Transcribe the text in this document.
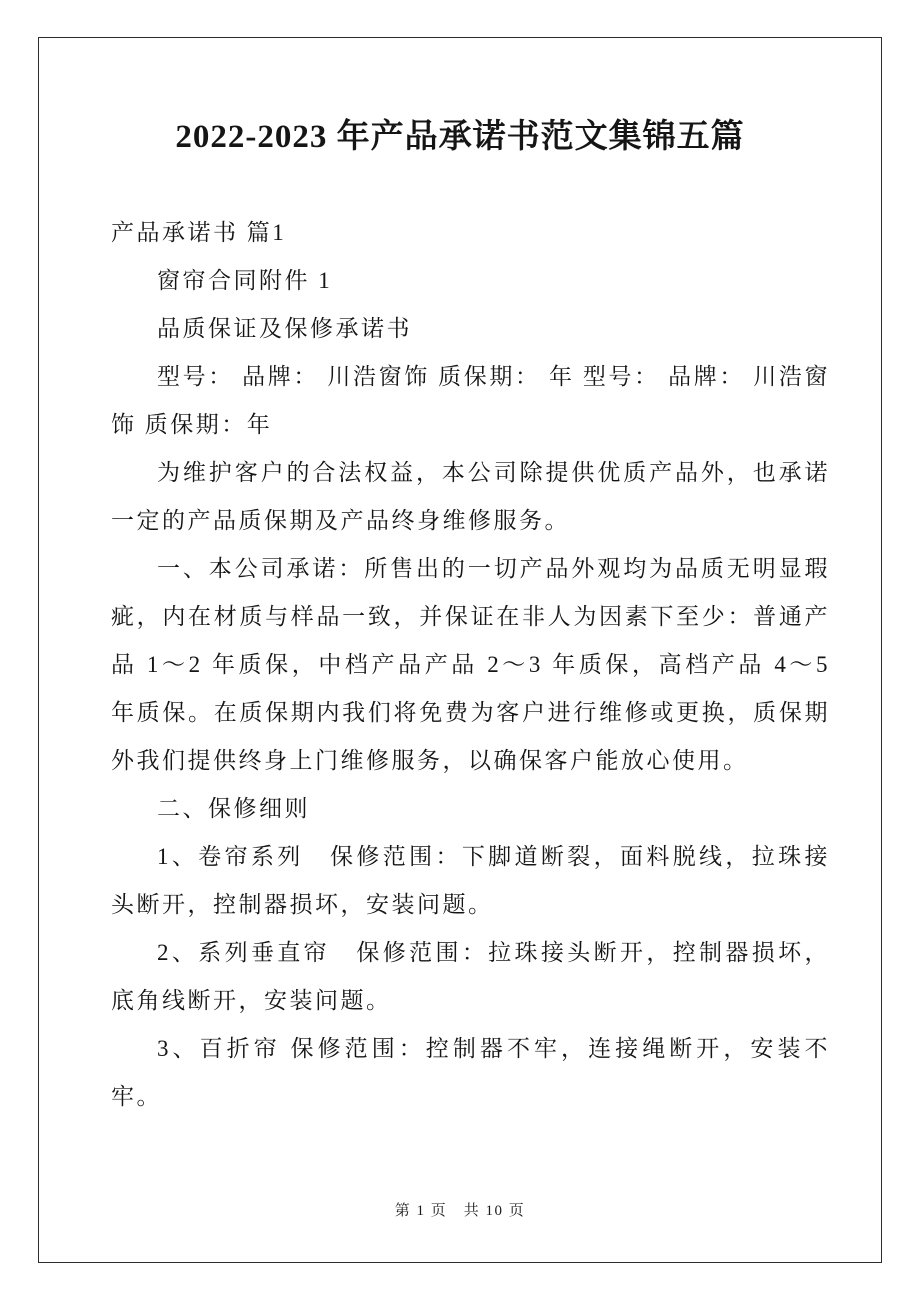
2022-2023 年产品承诺书范文集锦五篇

产品承诺书 篇1

窗帘合同附件 1

品质保证及保修承诺书

型号： 品牌： 川浩窗饰 质保期： 年 型号： 品牌： 川浩窗饰 质保期：年

为维护客户的合法权益，本公司除提供优质产品外，也承诺一定的产品质保期及产品终身维修服务。

一、本公司承诺：所售出的一切产品外观均为品质无明显瑕疵，内在材质与样品一致，并保证在非人为因素下至少：普通产品 1～2 年质保，中档产品产品 2～3 年质保，高档产品 4～5 年质保。在质保期内我们将免费为客户进行维修或更换，质保期外我们提供终身上门维修服务，以确保客户能放心使用。

二、保修细则

1、卷帘系列　保修范围：下脚道断裂，面料脱线，拉珠接头断开，控制器损坏，安装问题。

2、系列垂直帘　保修范围：拉珠接头断开，控制器损坏，底角线断开，安装问题。

3、百折帘 保修范围：控制器不牢，连接绳断开，安装不牢。

第 1 页　共 10 页
